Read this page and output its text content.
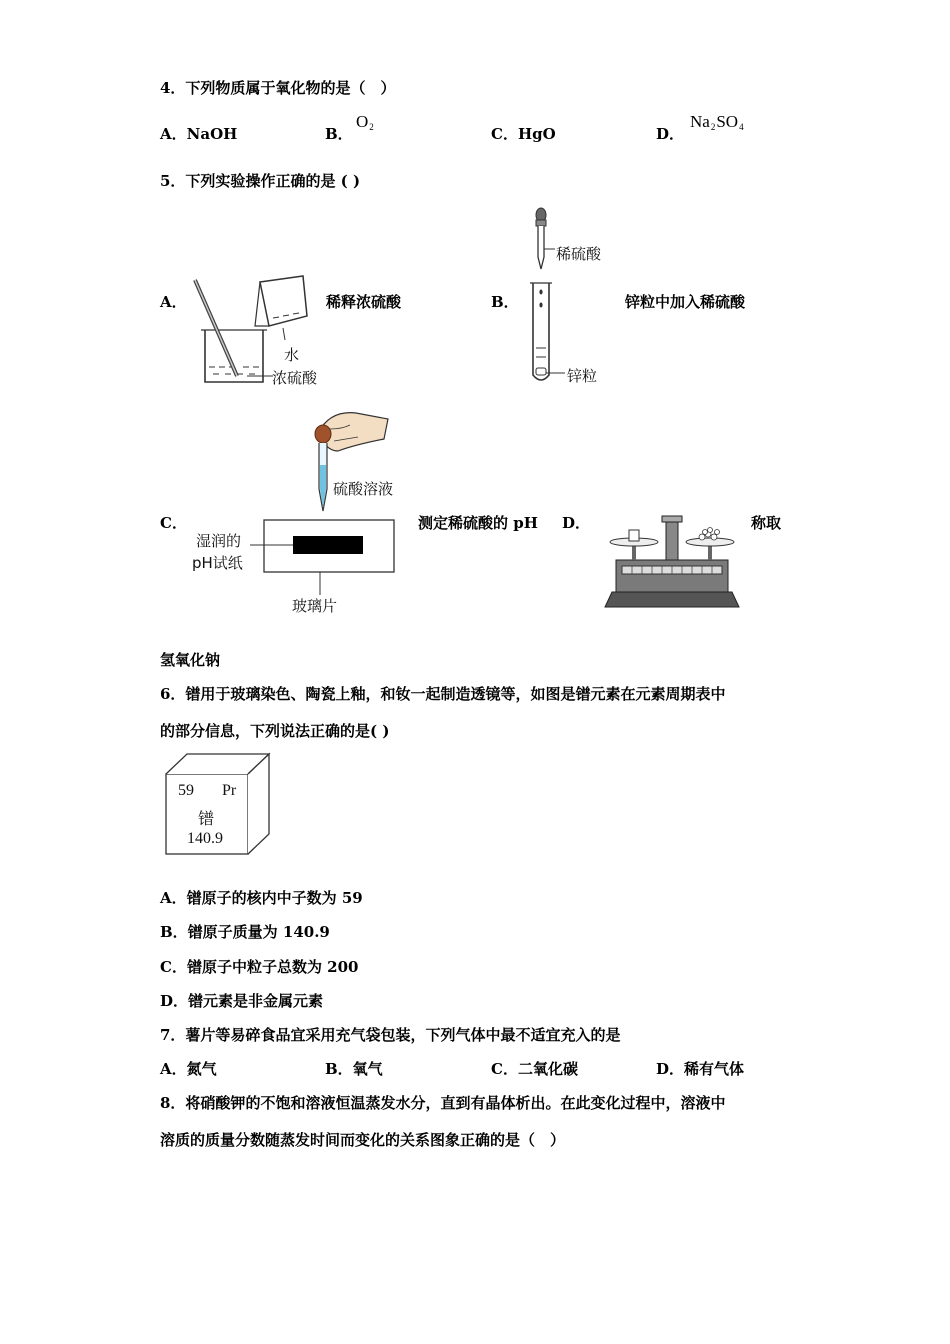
4．下列物质属于氧化物的是（　）
A．NaOH	B．
$O_2$	C．HgO	D．
$Na_2SO_4$
5．下列实验操作正确的是 ( )
A．
水
浓硫酸
稀释浓硫酸	B．
稀硫酸
锌粒
锌粒中加入稀硫酸
C．
硫酸溶液
湿润的
pH试纸
玻璃片
测定稀硫酸的 pH D．	称取
氢氧化钠
6．镨用于玻璃染色、陶瓷上釉，和钕一起制造透镜等，如图是镨元素在元素周期表中
的部分信息，下列说法正确的是( )
59 Pr
镨
140.9
A．镨原子的核内中子数为 59
B．镨原子质量为 140.9
C．镨原子中粒子总数为 200
D．镨元素是非金属元素
7．薯片等易碎食品宜采用充气袋包装，下列气体中最不适宜充入的是
A．氮气	B．氧气	C．二氧化碳	D．稀有气体
8．将硝酸钾的不饱和溶液恒温蒸发水分，直到有晶体析出。在此变化过程中，溶液中
溶质的质量分数随蒸发时间而变化的关系图象正确的是（　）
